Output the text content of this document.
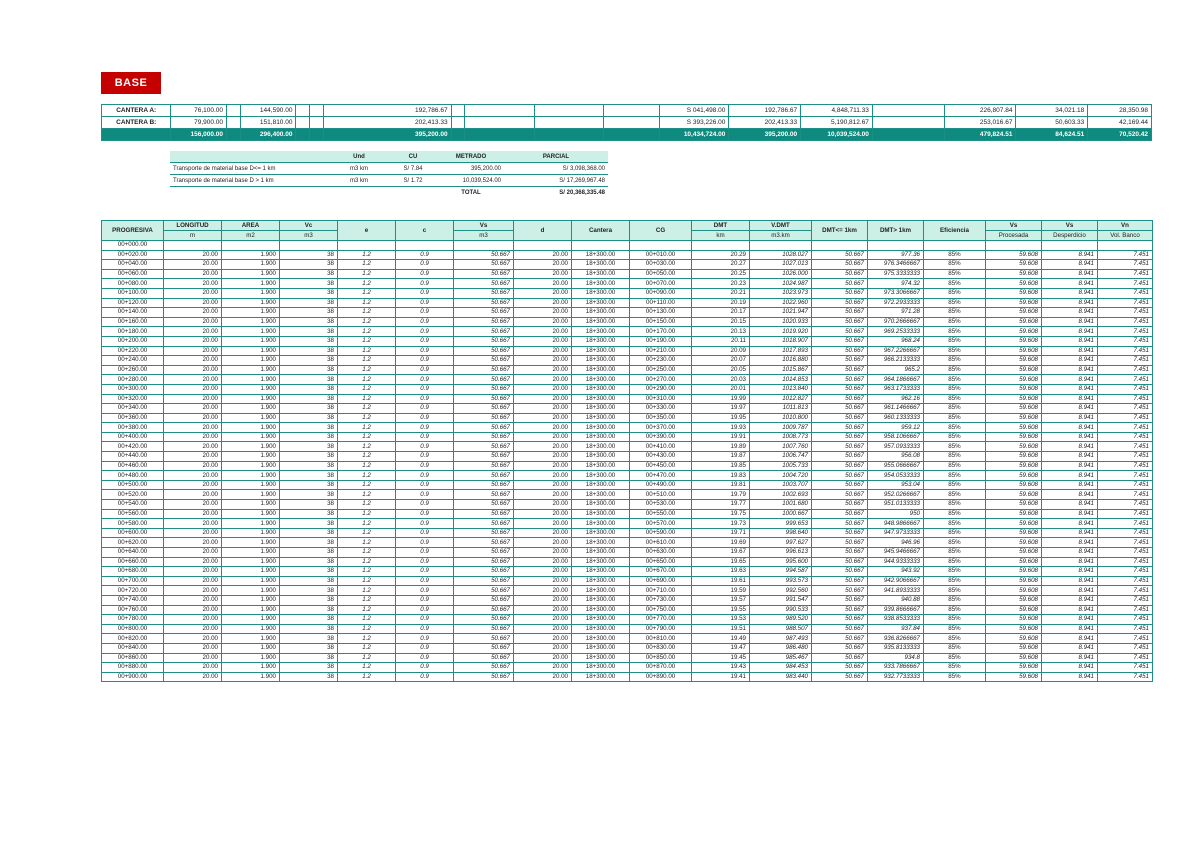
BASE
CANTERA A:	76,100.00		144,590.00			192,786.67					S 041,498.00	192,786.67	4,848,711.33		226,807.84	34,021.18	28,350.98
CANTERA B:	79,900.00		151,810.00			202,413.33					S 393,226.00	202,413.33	5,190,812.67		253,016.67	50,603.33	42,169.44
	156,000.00		296,400.00			395,200.00					10,434,724.00	395,200.00	10,039,524.00		479,824.51	84,624.51	70,520.42
	Und	CU	METRADO	PARCIAL
Transporte de material base D<= 1 km	m3 km	S/ 7.84	395,200.00	S/ 3,098,368.00
Transporte de material base D > 1 km	m3 km	S/ 1.72	10,039,524.00	S/ 17,269,967.48
			TOTAL	S/ 20,368,335.48
PROGRESIVA	LONGITUD	AREA	Vc	e	c	Vs	d	Cantera	CG	DMT	V.DMT	DMT<= 1km	DMT> 1km	Eficiencia	Vs	Vs	Vn
	m	m2	m3			m3				km	m3.km				Procesada	Desperdicio	Vol. Banco
00+000.00																	
00+020.00	20.00	1.900	38	1.2	0.9	50.667	20.00	18+300.00	00+010.00	20.29	1028.027	50.667	977.36	85%	59.608	8.941	7.451
00+040.00	20.00	1.900	38	1.2	0.9	50.667	20.00	18+300.00	00+030.00	20.27	1027.013	50.667	976.3466667	85%	59.608	8.941	7.451
00+060.00	20.00	1.900	38	1.2	0.9	50.667	20.00	18+300.00	00+050.00	20.25	1026.000	50.667	975.3333333	85%	59.608	8.941	7.451
00+080.00	20.00	1.900	38	1.2	0.9	50.667	20.00	18+300.00	00+070.00	20.23	1024.987	50.667	974.32	85%	59.608	8.941	7.451
00+100.00	20.00	1.900	38	1.2	0.9	50.667	20.00	18+300.00	00+090.00	20.21	1023.973	50.667	973.3066667	85%	59.608	8.941	7.451
00+120.00	20.00	1.900	38	1.2	0.9	50.667	20.00	18+300.00	00+110.00	20.19	1022.960	50.667	972.2933333	85%	59.608	8.941	7.451
00+140.00	20.00	1.900	38	1.2	0.9	50.667	20.00	18+300.00	00+130.00	20.17	1021.947	50.667	971.28	85%	59.608	8.941	7.451
00+160.00	20.00	1.900	38	1.2	0.9	50.667	20.00	18+300.00	00+150.00	20.15	1020.933	50.667	970.2666667	85%	59.608	8.941	7.451
00+180.00	20.00	1.900	38	1.2	0.9	50.667	20.00	18+300.00	00+170.00	20.13	1019.920	50.667	969.2533333	85%	59.608	8.941	7.451
00+200.00	20.00	1.900	38	1.2	0.9	50.667	20.00	18+300.00	00+190.00	20.11	1018.907	50.667	968.24	85%	59.608	8.941	7.451
00+220.00	20.00	1.900	38	1.2	0.9	50.667	20.00	18+300.00	00+210.00	20.09	1017.893	50.667	967.2266667	85%	59.608	8.941	7.451
00+240.00	20.00	1.900	38	1.2	0.9	50.667	20.00	18+300.00	00+230.00	20.07	1016.880	50.667	966.2133333	85%	59.608	8.941	7.451
00+260.00	20.00	1.900	38	1.2	0.9	50.667	20.00	18+300.00	00+250.00	20.05	1015.867	50.667	965.2	85%	59.608	8.941	7.451
00+280.00	20.00	1.900	38	1.2	0.9	50.667	20.00	18+300.00	00+270.00	20.03	1014.853	50.667	964.1866667	85%	59.608	8.941	7.451
00+300.00	20.00	1.900	38	1.2	0.9	50.667	20.00	18+300.00	00+290.00	20.01	1013.840	50.667	963.1733333	85%	59.608	8.941	7.451
00+320.00	20.00	1.900	38	1.2	0.9	50.667	20.00	18+300.00	00+310.00	19.99	1012.827	50.667	962.16	85%	59.608	8.941	7.451
00+340.00	20.00	1.900	38	1.2	0.9	50.667	20.00	18+300.00	00+330.00	19.97	1011.813	50.667	961.1466667	85%	59.608	8.941	7.451
00+360.00	20.00	1.900	38	1.2	0.9	50.667	20.00	18+300.00	00+350.00	19.95	1010.800	50.667	960.1333333	85%	59.608	8.941	7.451
00+380.00	20.00	1.900	38	1.2	0.9	50.667	20.00	18+300.00	00+370.00	19.93	1009.787	50.667	959.12	85%	59.608	8.941	7.451
00+400.00	20.00	1.900	38	1.2	0.9	50.667	20.00	18+300.00	00+390.00	19.91	1008.773	50.667	958.1066667	85%	59.608	8.941	7.451
00+420.00	20.00	1.900	38	1.2	0.9	50.667	20.00	18+300.00	00+410.00	19.89	1007.760	50.667	957.0933333	85%	59.608	8.941	7.451
00+440.00	20.00	1.900	38	1.2	0.9	50.667	20.00	18+300.00	00+430.00	19.87	1006.747	50.667	956.08	85%	59.608	8.941	7.451
00+460.00	20.00	1.900	38	1.2	0.9	50.667	20.00	18+300.00	00+450.00	19.85	1005.733	50.667	955.0666667	85%	59.608	8.941	7.451
00+480.00	20.00	1.900	38	1.2	0.9	50.667	20.00	18+300.00	00+470.00	19.83	1004.720	50.667	954.0533333	85%	59.608	8.941	7.451
00+500.00	20.00	1.900	38	1.2	0.9	50.667	20.00	18+300.00	00+490.00	19.81	1003.707	50.667	953.04	85%	59.608	8.941	7.451
00+520.00	20.00	1.900	38	1.2	0.9	50.667	20.00	18+300.00	00+510.00	19.79	1002.693	50.667	952.0266667	85%	59.608	8.941	7.451
00+540.00	20.00	1.900	38	1.2	0.9	50.667	20.00	18+300.00	00+530.00	19.77	1001.680	50.667	951.0133333	85%	59.608	8.941	7.451
00+560.00	20.00	1.900	38	1.2	0.9	50.667	20.00	18+300.00	00+550.00	19.75	1000.667	50.667	950	85%	59.608	8.941	7.451
00+580.00	20.00	1.900	38	1.2	0.9	50.667	20.00	18+300.00	00+570.00	19.73	999.653	50.667	948.9866667	85%	59.608	8.941	7.451
00+600.00	20.00	1.900	38	1.2	0.9	50.667	20.00	18+300.00	00+590.00	19.71	998.640	50.667	947.9733333	85%	59.608	8.941	7.451
00+620.00	20.00	1.900	38	1.2	0.9	50.667	20.00	18+300.00	00+610.00	19.69	997.627	50.667	946.96	85%	59.608	8.941	7.451
00+640.00	20.00	1.900	38	1.2	0.9	50.667	20.00	18+300.00	00+630.00	19.67	996.613	50.667	945.9466667	85%	59.608	8.941	7.451
00+660.00	20.00	1.900	38	1.2	0.9	50.667	20.00	18+300.00	00+650.00	19.65	995.600	50.667	944.9333333	85%	59.608	8.941	7.451
00+680.00	20.00	1.900	38	1.2	0.9	50.667	20.00	18+300.00	00+670.00	19.63	994.587	50.667	943.92	85%	59.608	8.941	7.451
00+700.00	20.00	1.900	38	1.2	0.9	50.667	20.00	18+300.00	00+690.00	19.61	993.573	50.667	942.9066667	85%	59.608	8.941	7.451
00+720.00	20.00	1.900	38	1.2	0.9	50.667	20.00	18+300.00	00+710.00	19.59	992.560	50.667	941.8933333	85%	59.608	8.941	7.451
00+740.00	20.00	1.900	38	1.2	0.9	50.667	20.00	18+300.00	00+730.00	19.57	991.547	50.667	940.88	85%	59.608	8.941	7.451
00+760.00	20.00	1.900	38	1.2	0.9	50.667	20.00	18+300.00	00+750.00	19.55	990.533	50.667	939.8666667	85%	59.608	8.941	7.451
00+780.00	20.00	1.900	38	1.2	0.9	50.667	20.00	18+300.00	00+770.00	19.53	989.520	50.667	938.8533333	85%	59.608	8.941	7.451
00+800.00	20.00	1.900	38	1.2	0.9	50.667	20.00	18+300.00	00+790.00	19.51	988.507	50.667	937.84	85%	59.608	8.941	7.451
00+820.00	20.00	1.900	38	1.2	0.9	50.667	20.00	18+300.00	00+810.00	19.49	987.493	50.667	936.8266667	85%	59.608	8.941	7.451
00+840.00	20.00	1.900	38	1.2	0.9	50.667	20.00	18+300.00	00+830.00	19.47	986.480	50.667	935.8133333	85%	59.608	8.941	7.451
00+860.00	20.00	1.900	38	1.2	0.9	50.667	20.00	18+300.00	00+850.00	19.45	985.467	50.667	934.8	85%	59.608	8.941	7.451
00+880.00	20.00	1.900	38	1.2	0.9	50.667	20.00	18+300.00	00+870.00	19.43	984.453	50.667	933.7866667	85%	59.608	8.941	7.451
00+900.00	20.00	1.900	38	1.2	0.9	50.667	20.00	18+300.00	00+890.00	19.41	983.440	50.667	932.7733333	85%	59.608	8.941	7.451
